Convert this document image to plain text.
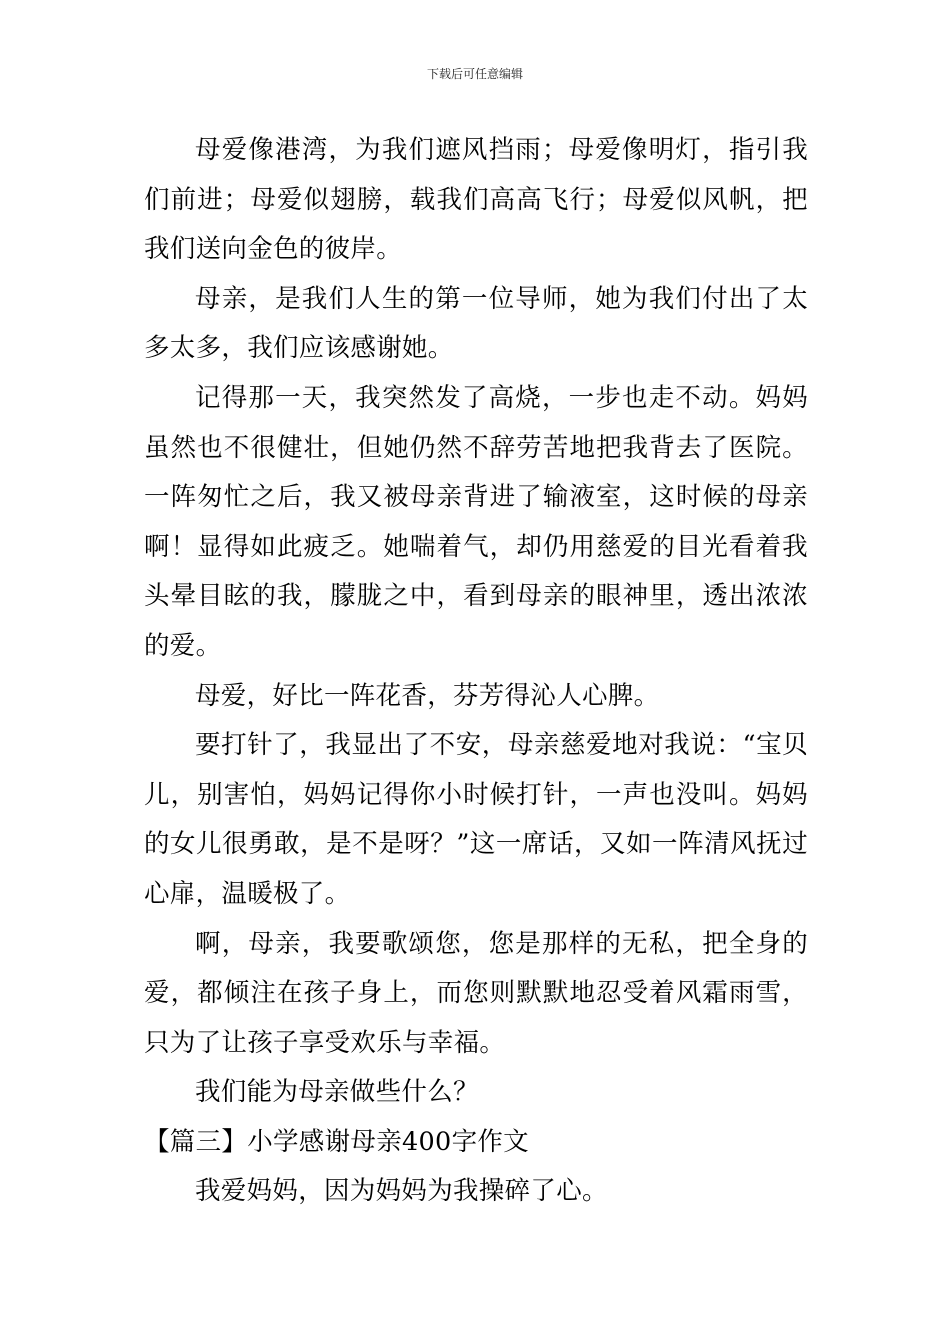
下载后可任意编辑

母爱像港湾，为我们遮风挡雨；母爱像明灯，指引我们前进；母爱似翅膀，载我们高高飞行；母爱似风帆，把我们送向金色的彼岸。

母亲，是我们人生的第一位导师，她为我们付出了太多太多，我们应该感谢她。

记得那一天，我突然发了高烧，一步也走不动。妈妈虽然也不很健壮，但她仍然不辞劳苦地把我背去了医院。一阵匆忙之后，我又被母亲背进了输液室，这时候的母亲啊！显得如此疲乏。她喘着气，却仍用慈爱的目光看着我头晕目眩的我，朦胧之中，看到母亲的眼神里，透出浓浓的爱。

母爱，好比一阵花香，芬芳得沁人心脾。

要打针了，我显出了不安，母亲慈爱地对我说：“宝贝儿，别害怕，妈妈记得你小时候打针，一声也没叫。妈妈的女儿很勇敢，是不是呀？”这一席话，又如一阵清风抚过心扉，温暖极了。

啊，母亲，我要歌颂您，您是那样的无私，把全身的爱，都倾注在孩子身上，而您则默默地忍受着风霜雨雪，只为了让孩子享受欢乐与幸福。

我们能为母亲做些什么？

【篇三】小学感谢母亲400字作文

我爱妈妈，因为妈妈为我操碎了心。
